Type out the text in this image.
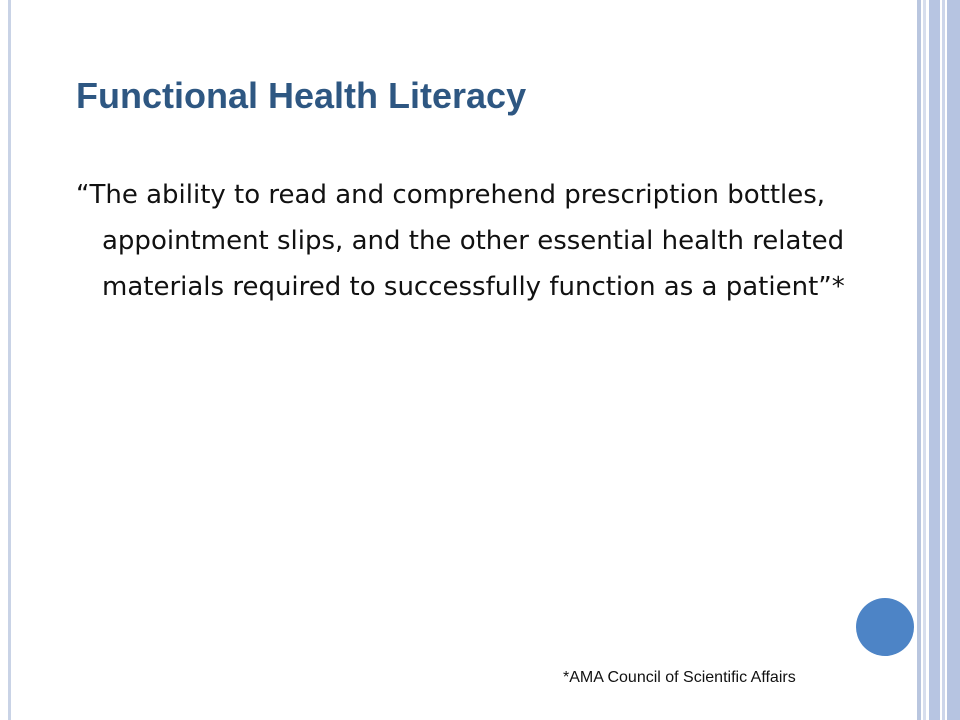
Functional Health Literacy

“The ability to read and comprehend prescription bottles, appointment slips, and the other essential health related materials required to successfully function as a patient”*

*AMA Council of Scientific Affairs
